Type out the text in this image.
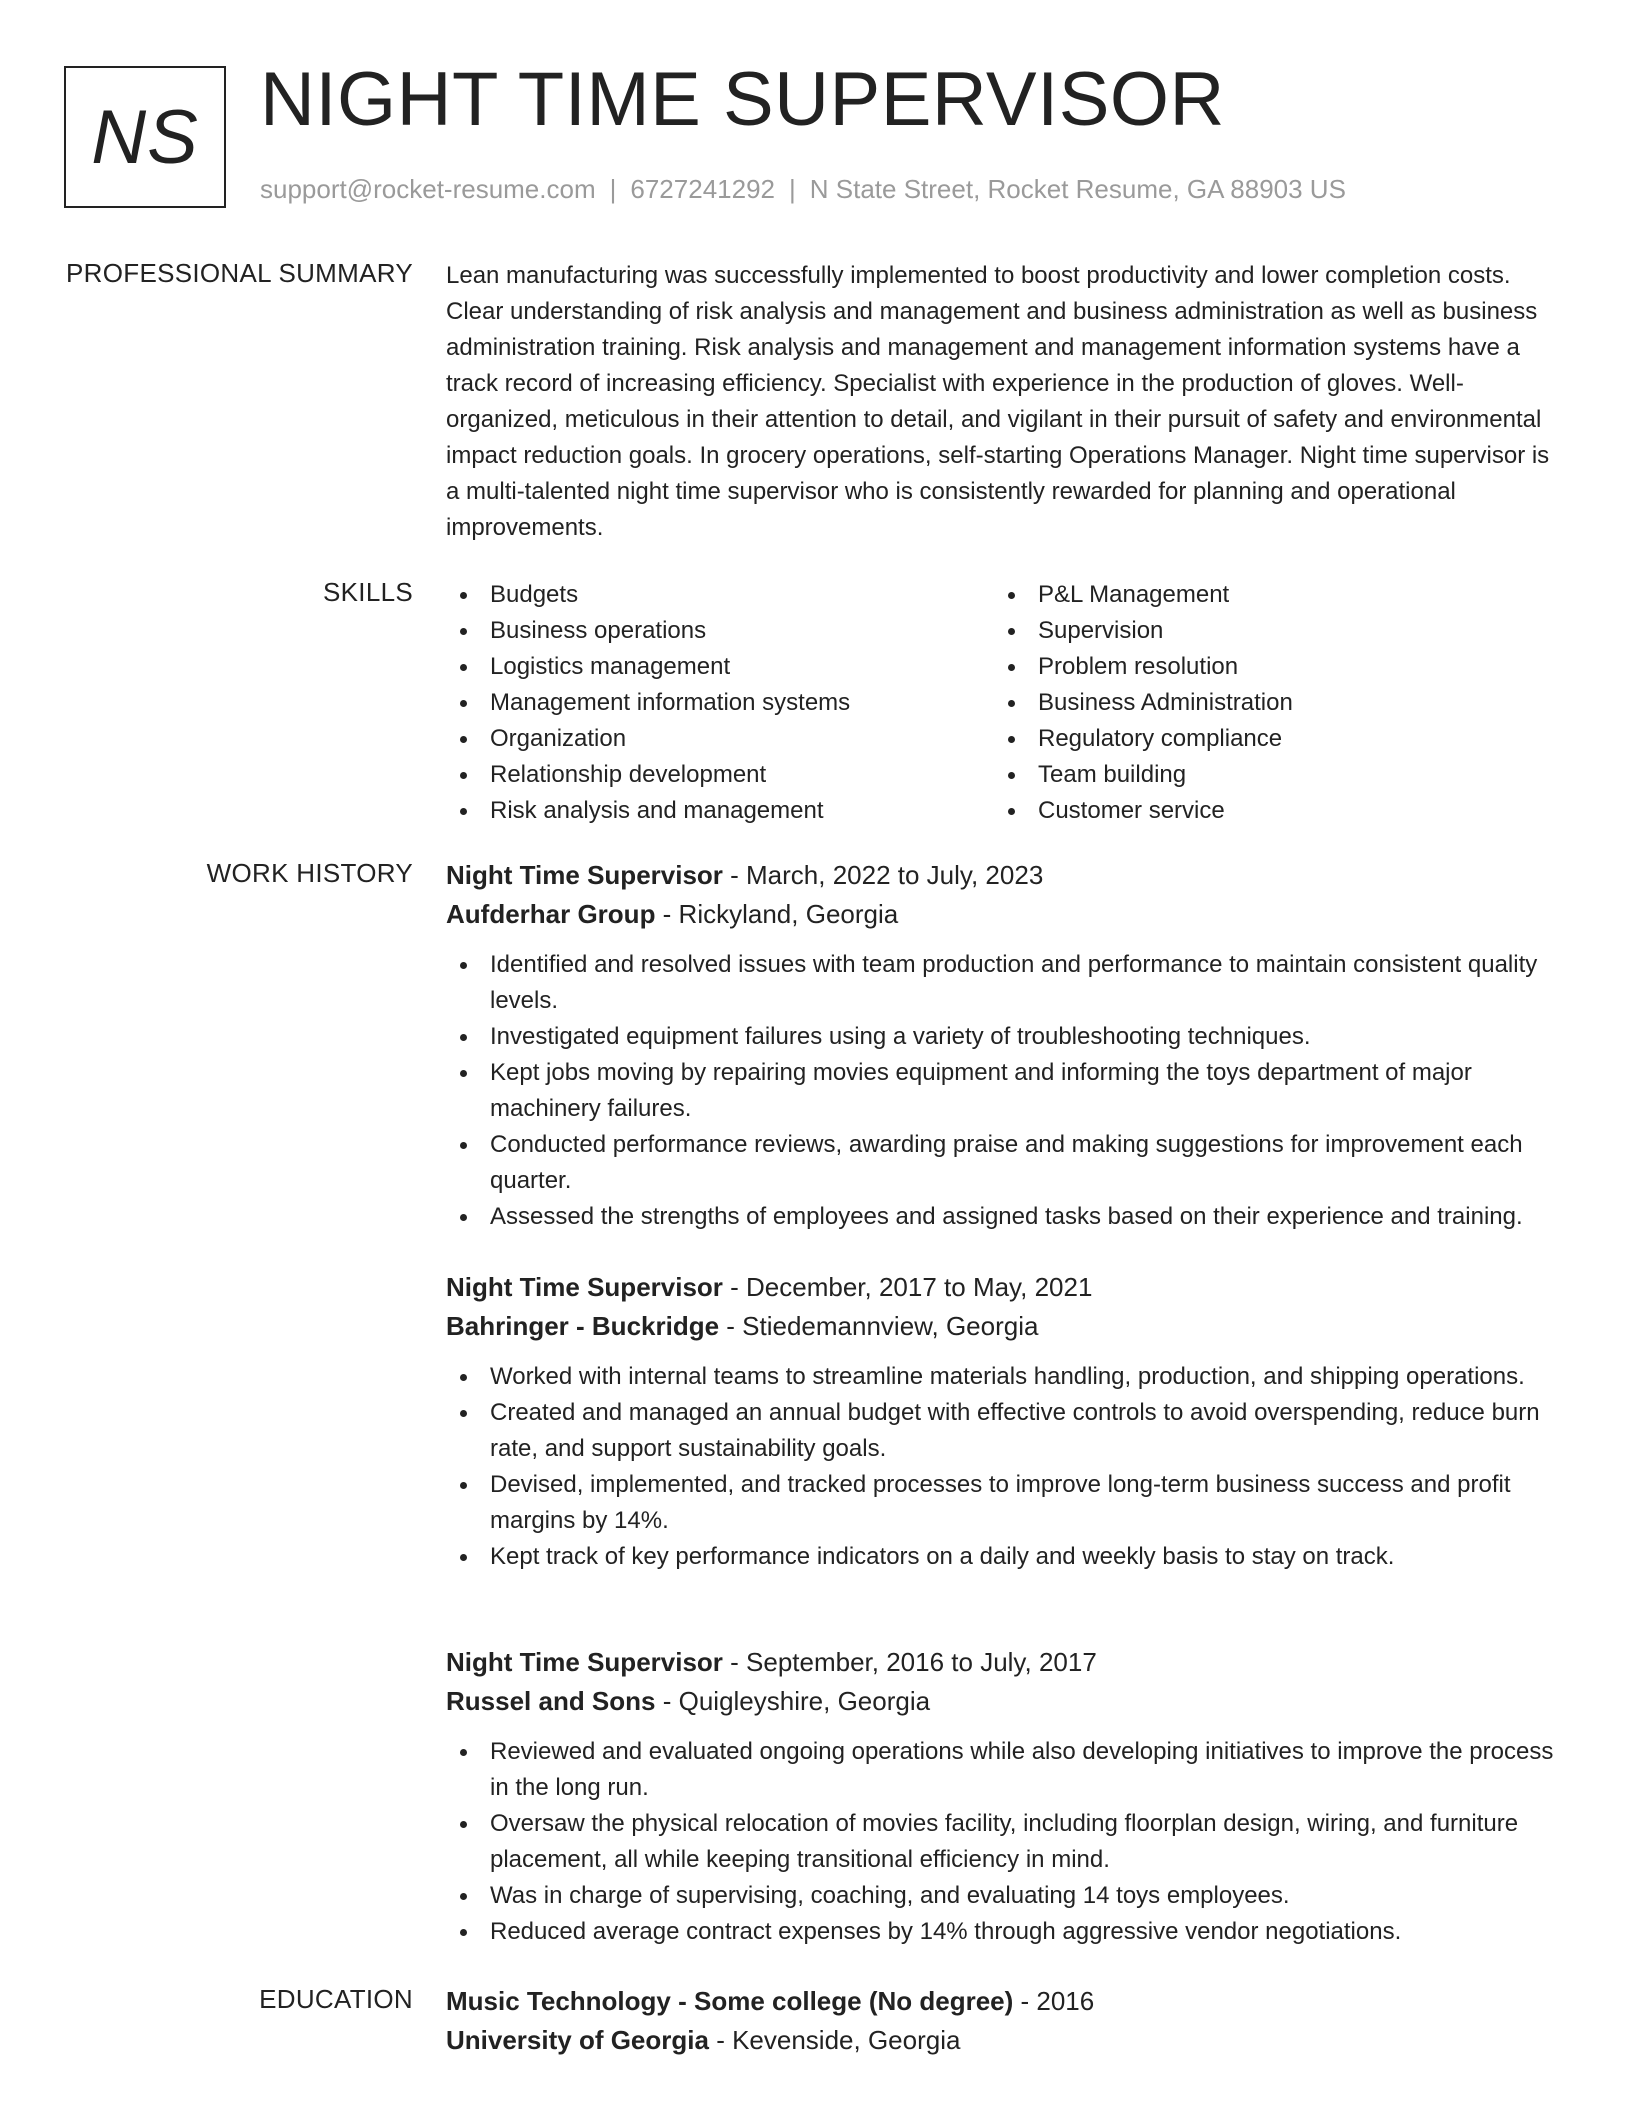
NS NIGHT TIME SUPERVISOR
support@rocket-resume.com | 6727241292 | N State Street, Rocket Resume, GA 88903 US
PROFESSIONAL SUMMARY Lean manufacturing was successfully implemented to boost productivity and lower completion costs. Clear understanding of risk analysis and management and business administration as well as business administration training. Risk analysis and management and management information systems have a track record of increasing efficiency. Specialist with experience in the production of gloves. Well-organized, meticulous in their attention to detail, and vigilant in their pursuit of safety and environmental impact reduction goals. In grocery operations, self-starting Operations Manager. Night time supervisor is a multi-talented night time supervisor who is consistently rewarded for planning and operational improvements.
SKILLS	Budgets
Business operations
Logistics management
Management information systems
Organization
Relationship development
Risk analysis and management
P&L Management
Supervision
Problem resolution
Business Administration
Regulatory compliance
Team building
Customer service
WORK HISTORY Night Time Supervisor - March, 2022 to July, 2023
Aufderhar Group - Rickyland, Georgia
Identified and resolved issues with team production and performance to maintain consistent quality levels.
Investigated equipment failures using a variety of troubleshooting techniques.
Kept jobs moving by repairing movies equipment and informing the toys department of major machinery failures.
Conducted performance reviews, awarding praise and making suggestions for improvement each quarter.
Assessed the strengths of employees and assigned tasks based on their experience and training.
Night Time Supervisor - December, 2017 to May, 2021
Bahringer - Buckridge - Stiedemannview, Georgia
Worked with internal teams to streamline materials handling, production, and shipping operations.
Created and managed an annual budget with effective controls to avoid overspending, reduce burn rate, and support sustainability goals.
Devised, implemented, and tracked processes to improve long-term business success and profit margins by 14%.
Kept track of key performance indicators on a daily and weekly basis to stay on track.
Night Time Supervisor - September, 2016 to July, 2017
Russel and Sons - Quigleyshire, Georgia
Reviewed and evaluated ongoing operations while also developing initiatives to improve the process in the long run.
Oversaw the physical relocation of movies facility, including floorplan design, wiring, and furniture placement, all while keeping transitional efficiency in mind.
Was in charge of supervising, coaching, and evaluating 14 toys employees.
Reduced average contract expenses by 14% through aggressive vendor negotiations.
EDUCATION Music Technology - Some college (No degree) - 2016
University of Georgia - Kevenside, Georgia
